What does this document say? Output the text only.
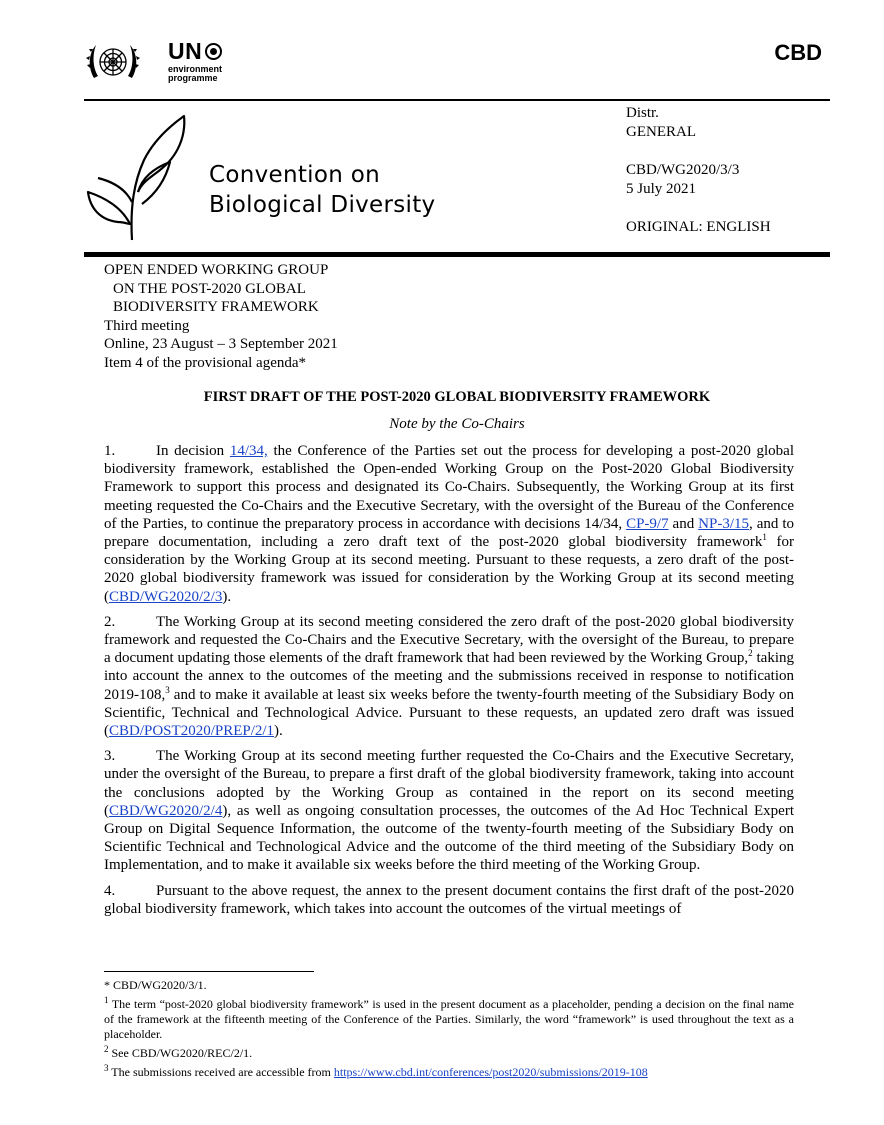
UN
environment
programme
CBD
Convention on
Biological Diversity

Distr.

GENERAL

CBD/WG2020/3/3

5 July 2021

ORIGINAL: ENGLISH

OPEN ENDED WORKING GROUP

ON THE POST-2020 GLOBAL

BIODIVERSITY FRAMEWORK

Third meeting

Online, 23 August – 3 September 2021

Item 4 of the provisional agenda*

FIRST DRAFT OF THE POST-2020 GLOBAL BIODIVERSITY FRAMEWORK
Note by the Co-Chairs

1.	In decision 14/34, the Conference of the Parties set out the process for developing a post-2020 global biodiversity framework, established the Open-ended Working Group on the Post-2020 Global Biodiversity Framework to support this process and designated its Co-Chairs. Subsequently, the Working Group at its first meeting requested the Co-Chairs and the Executive Secretary, with the oversight of the Bureau of the Conference of the Parties, to continue the preparatory process in accordance with decisions 14/34, CP-9/7 and NP-3/15, and to prepare documentation, including a zero draft text of the post-2020 global biodiversity framework$^1$ for consideration by the Working Group at its second meeting. Pursuant to these requests, a zero draft of the post-2020 global biodiversity framework was issued for consideration by the Working Group at its second meeting (CBD/WG2020/2/3).

2.	The Working Group at its second meeting considered the zero draft of the post-2020 global biodiversity framework and requested the Co-Chairs and the Executive Secretary, with the oversight of the Bureau, to prepare a document updating those elements of the draft framework that had been reviewed by the Working Group,$^2$ taking into account the annex to the outcomes of the meeting and the submissions received in response to notification 2019-108,$^3$ and to make it available at least six weeks before the twenty-fourth meeting of the Subsidiary Body on Scientific, Technical and Technological Advice. Pursuant to these requests, an updated zero draft was issued (CBD/POST2020/PREP/2/1).

3.	The Working Group at its second meeting further requested the Co-Chairs and the Executive Secretary, under the oversight of the Bureau, to prepare a first draft of the global biodiversity framework, taking into account the conclusions adopted by the Working Group as contained in the report on its second meeting (CBD/WG2020/2/4), as well as ongoing consultation processes, the outcomes of the Ad Hoc Technical Expert Group on Digital Sequence Information, the outcome of the twenty-fourth meeting of the Subsidiary Body on Scientific Technical and Technological Advice and the outcome of the third meeting of the Subsidiary Body on Implementation, and to make it available six weeks before the third meeting of the Working Group.

4.	Pursuant to the above request, the annex to the present document contains the first draft of the post-2020 global biodiversity framework, which takes into account the outcomes of the virtual meetings of

* CBD/WG2020/3/1.

$^1$ The term “post-2020 global biodiversity framework” is used in the present document as a placeholder, pending a decision on the final name of the framework at the fifteenth meeting of the Conference of the Parties. Similarly, the word “framework” is used throughout the text as a placeholder.

$^2$ See CBD/WG2020/REC/2/1.

$^3$ The submissions received are accessible from https://www.cbd.int/conferences/post2020/submissions/2019-108
